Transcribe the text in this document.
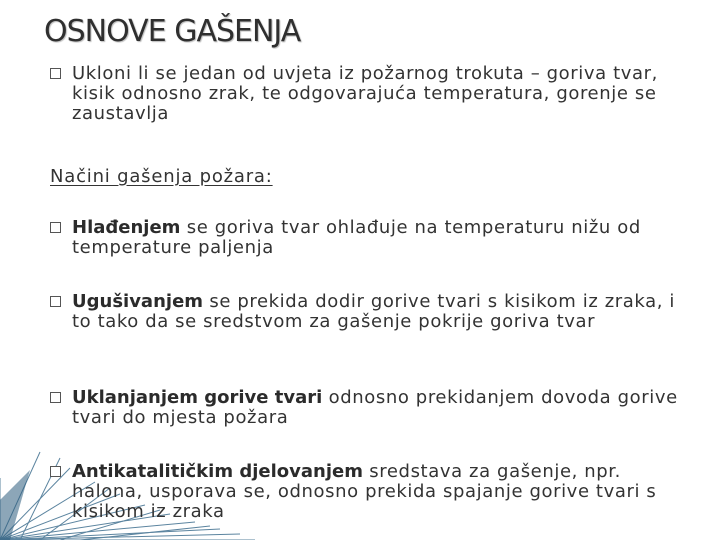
OSNOVE GAŠENJA
Ukloni li se jedan od uvjeta iz požarnog trokuta – goriva tvar, kisik odnosno zrak, te odgovarajuća temperatura, gorenje se zaustavlja
Načini gašenja požara:
Hlađenjem se goriva tvar ohlađuje na temperaturu nižu od temperature paljenja
Ugušivanjem se prekida dodir gorive tvari s kisikom iz zraka, i to tako da se sredstvom za gašenje pokrije goriva tvar
Uklanjanjem gorive tvari odnosno prekidanjem dovoda gorive tvari do mjesta požara
Antikatalitičkim djelovanjem sredstava za gašenje, npr. halona, usporava se, odnosno prekida spajanje gorive tvari s kisikom iz zraka
